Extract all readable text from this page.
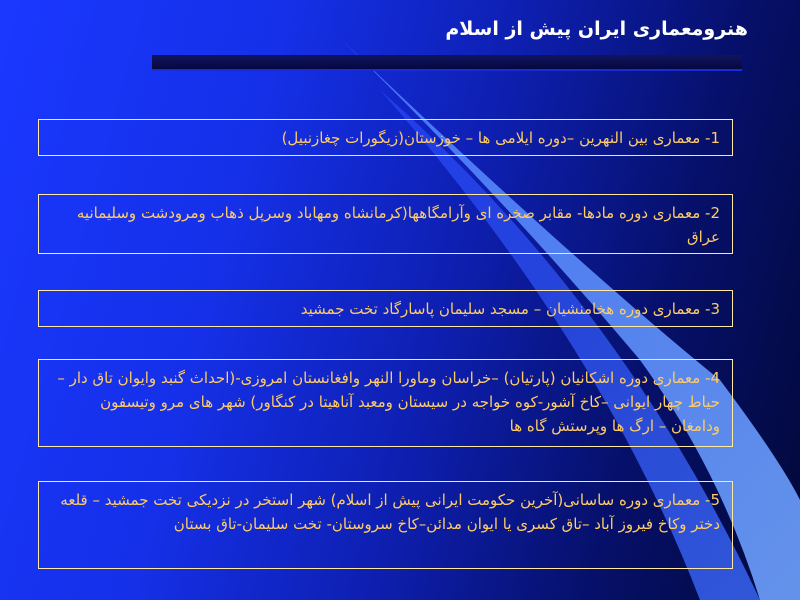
هنرومعماری ایران پیش از اسلام
1- معماری بین النهرین –دوره ایلامی ها – خوزستان(زیگورات چغازنبیل)
2- معماری دوره مادها- مقابر صخره ای وآرامگاهها(کرمانشاه ومهاباد وسرپل ذهاب ومرودشت وسلیمانیه عراق
3- معماری دوره هخامنشیان – مسجد سلیمان پاسارگاد تخت جمشید
4- معماری دوره اشکانیان (پارتیان) –خراسان وماورا النهر وافغانستان امروزی-(احداث گنبد وایوان تاق دار –حیاط چهار ایوانی –کاخ آشور-کوه خواجه در سیستان ومعبد آناهیتا در کنگاور) شهر های مرو وتیسفون ودامغان – ارگ ها وپرستش گاه ها
5- معماری دوره ساسانی(آخرین حکومت ایرانی پیش از اسلام) شهر استخر در نزدیکی تخت جمشید – قلعه دختر وکاخ فیروز آباد –تاق کسری یا ایوان مدائن–کاخ سروستان- تخت سلیمان-تاق بستان
